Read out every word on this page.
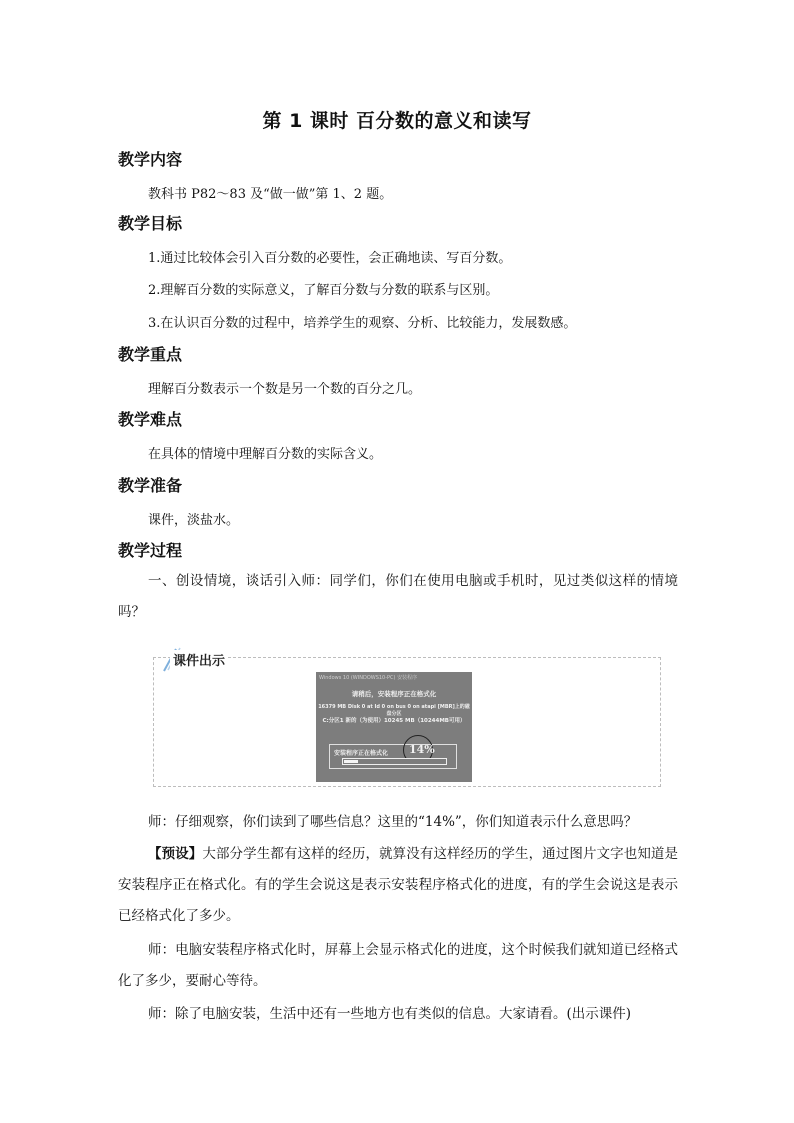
第 1 课时 百分数的意义和读写
教学内容
教科书 P82～83 及“做一做”第 1、2 题。
教学目标
1.通过比较体会引入百分数的必要性，会正确地读、写百分数。
2.理解百分数的实际意义，了解百分数与分数的联系与区别。
3.在认识百分数的过程中，培养学生的观察、分析、比较能力，发展数感。
教学重点
理解百分数表示一个数是另一个数的百分之几。
教学难点
在具体的情境中理解百分数的实际含义。
教学准备
课件，淡盐水。
教学过程
一、创设情境，谈话引入师：同学们，你们在使用电脑或手机时，见过类似这样的情境吗？
课件出示
Windows 10 (WINDOWS10-PC) 安装程序
请稍后，安装程序正在格式化
16379 MB Disk 0 at Id 0 on bus 0 on atapi [MBR]上的磁盘分区
C:分区1 新的（为使用）10245 MB（10244MB可用）
安装程序正在格式化 14%
师：仔细观察，你们读到了哪些信息？这里的“14%”，你们知道表示什么意思吗？
【预设】大部分学生都有这样的经历，就算没有这样经历的学生，通过图片文字也知道是安装程序正在格式化。有的学生会说这是表示安装程序格式化的进度，有的学生会说这是表示已经格式化了多少。
师：电脑安装程序格式化时，屏幕上会显示格式化的进度，这个时候我们就知道已经格式化了多少，要耐心等待。
师：除了电脑安装，生活中还有一些地方也有类似的信息。大家请看。(出示课件)
